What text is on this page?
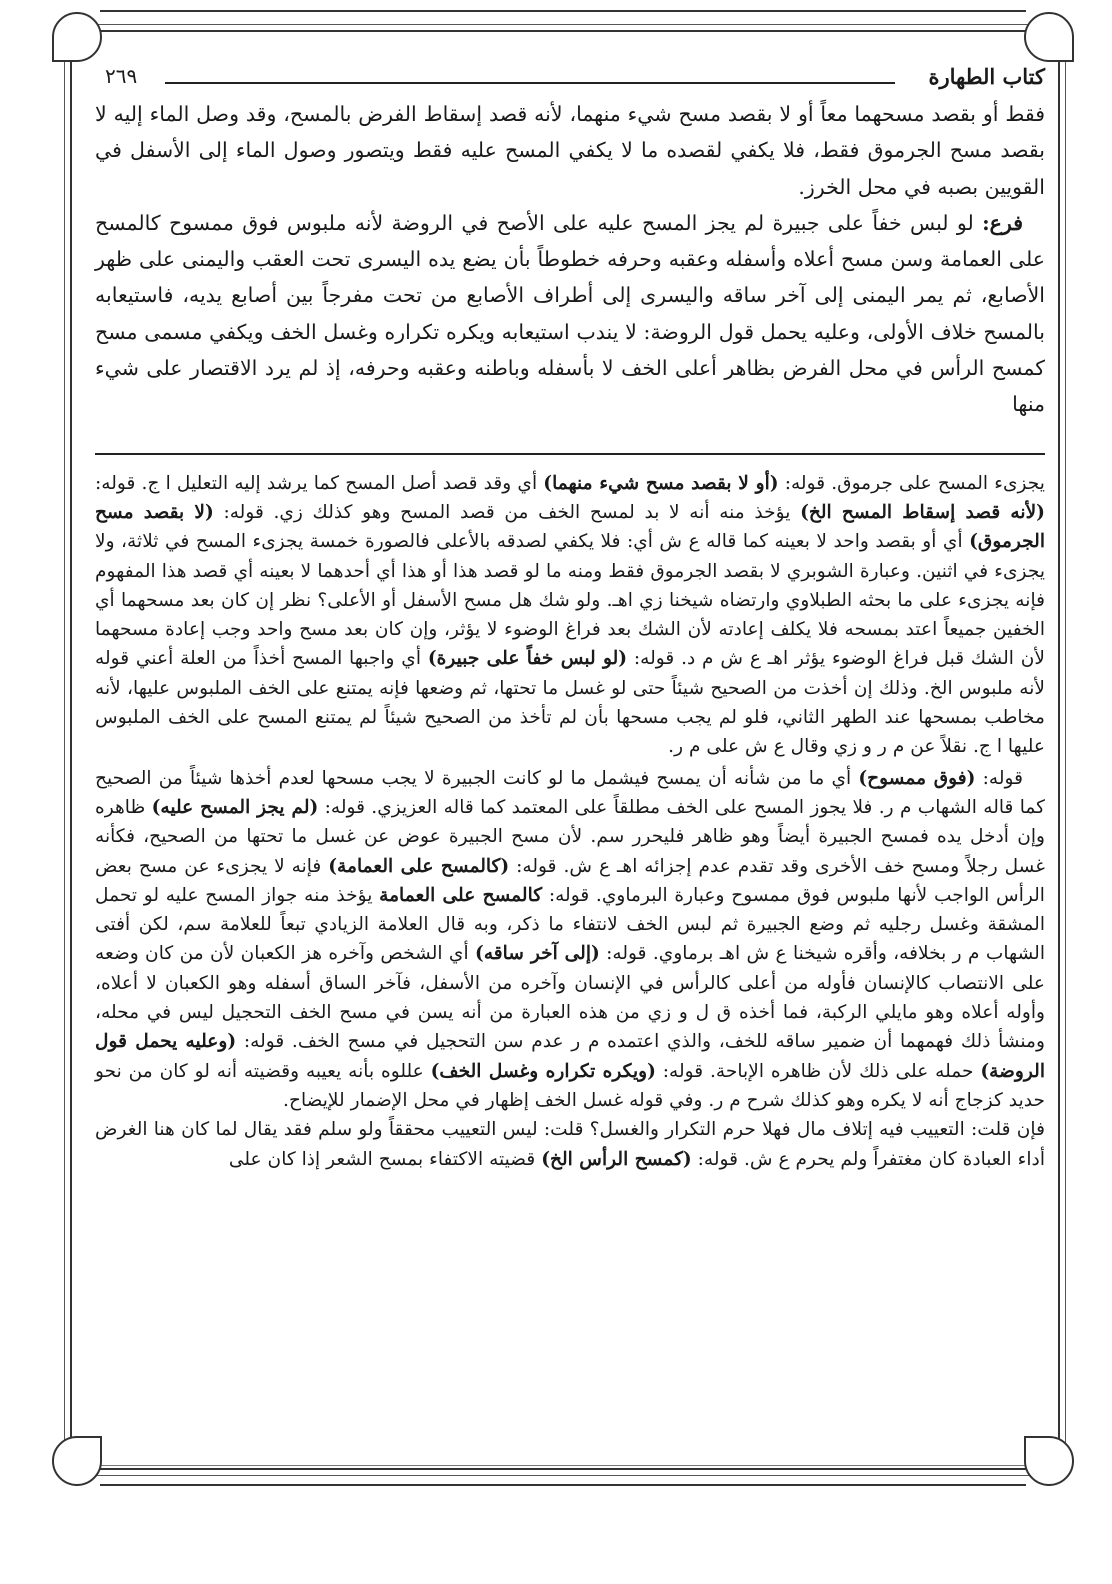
كتاب الطهارة
٢٦٩

فقط أو بقصد مسحهما معاً أو لا بقصد مسح شيء منهما، لأنه قصد إسقاط الفرض بالمسح، وقد وصل الماء إليه لا بقصد مسح الجرموق فقط، فلا يكفي لقصده ما لا يكفي المسح عليه فقط ويتصور وصول الماء إلى الأسفل في القويين بصبه في محل الخرز.

فرع: لو لبس خفاً على جبيرة لم يجز المسح عليه على الأصح في الروضة لأنه ملبوس فوق ممسوح كالمسح على العمامة وسن مسح أعلاه وأسفله وعقبه وحرفه خطوطاً بأن يضع يده اليسرى تحت العقب واليمنى على ظهر الأصابع، ثم يمر اليمنى إلى آخر ساقه واليسرى إلى أطراف الأصابع من تحت مفرجاً بين أصابع يديه، فاستيعابه بالمسح خلاف الأولى، وعليه يحمل قول الروضة: لا يندب استيعابه ويكره تكراره وغسل الخف ويكفي مسمى مسح كمسح الرأس في محل الفرض بظاهر أعلى الخف لا بأسفله وباطنه وعقبه وحرفه، إذ لم يرد الاقتصار على شيء منها

يجزىء المسح على جرموق. قوله: (أو لا بقصد مسح شيء منهما) أي وقد قصد أصل المسح كما يرشد إليه التعليل ا ج. قوله: (لأنه قصد إسقاط المسح الخ) يؤخذ منه أنه لا بد لمسح الخف من قصد المسح وهو كذلك زي. قوله: (لا بقصد مسح الجرموق) أي أو بقصد واحد لا بعينه كما قاله ع ش أي: فلا يكفي لصدقه بالأعلى فالصورة خمسة يجزىء المسح في ثلاثة، ولا يجزىء في اثنين. وعبارة الشوبري لا بقصد الجرموق فقط ومنه ما لو قصد هذا أو هذا أي أحدهما لا بعينه أي قصد هذا المفهوم فإنه يجزىء على ما بحثه الطبلاوي وارتضاه شيخنا زي اهـ. ولو شك هل مسح الأسفل أو الأعلى؟ نظر إن كان بعد مسحهما أي الخفين جميعاً اعتد بمسحه فلا يكلف إعادته لأن الشك بعد فراغ الوضوء لا يؤثر، وإن كان بعد مسح واحد وجب إعادة مسحهما لأن الشك قبل فراغ الوضوء يؤثر اهـ ع ش م د. قوله: (لو لبس خفاً على جبيرة) أي واجبها المسح أخذاً من العلة أعني قوله لأنه ملبوس الخ. وذلك إن أخذت من الصحيح شيئاً حتى لو غسل ما تحتها، ثم وضعها فإنه يمتنع على الخف الملبوس عليها، لأنه مخاطب بمسحها عند الطهر الثاني، فلو لم يجب مسحها بأن لم تأخذ من الصحيح شيئاً لم يمتنع المسح على الخف الملبوس عليها ا ج. نقلاً عن م ر و زي وقال ع ش على م ر.

قوله: (فوق ممسوح) أي ما من شأنه أن يمسح فيشمل ما لو كانت الجبيرة لا يجب مسحها لعدم أخذها شيئاً من الصحيح كما قاله الشهاب م ر. فلا يجوز المسح على الخف مطلقاً على المعتمد كما قاله العزيزي. قوله: (لم يجز المسح عليه) ظاهره وإن أدخل يده فمسح الجبيرة أيضاً وهو ظاهر فليحرر سم. لأن مسح الجبيرة عوض عن غسل ما تحتها من الصحيح، فكأنه غسل رجلاً ومسح خف الأخرى وقد تقدم عدم إجزائه اهـ ع ش. قوله: (كالمسح على العمامة) فإنه لا يجزىء عن مسح بعض الرأس الواجب لأنها ملبوس فوق ممسوح وعبارة البرماوي. قوله: كالمسح على العمامة يؤخذ منه جواز المسح عليه لو تحمل المشقة وغسل رجليه ثم وضع الجبيرة ثم لبس الخف لانتفاء ما ذكر، وبه قال العلامة الزيادي تبعاً للعلامة سم، لكن أفتى الشهاب م ر بخلافه، وأقره شيخنا ع ش اهـ برماوي. قوله: (إلى آخر ساقه) أي الشخص وآخره هز الكعبان لأن من كان وضعه على الانتصاب كالإنسان فأوله من أعلى كالرأس في الإنسان وآخره من الأسفل، فآخر الساق أسفله وهو الكعبان لا أعلاه، وأوله أعلاه وهو مايلي الركبة، فما أخذه ق ل و زي من هذه العبارة من أنه يسن في مسح الخف التحجيل ليس في محله، ومنشأ ذلك فهمهما أن ضمير ساقه للخف، والذي اعتمده م ر عدم سن التحجيل في مسح الخف. قوله: (وعليه يحمل قول الروضة) حمله على ذلك لأن ظاهره الإباحة. قوله: (ويكره تكراره وغسل الخف) عللوه بأنه يعيبه وقضيته أنه لو كان من نحو حديد كزجاج أنه لا يكره وهو كذلك شرح م ر. وفي قوله غسل الخف إظهار في محل الإضمار للإيضاح.

فإن قلت: التعييب فيه إتلاف مال فهلا حرم التكرار والغسل؟ قلت: ليس التعييب محققاً ولو سلم فقد يقال لما كان هنا الغرض أداء العبادة كان مغتفراً ولم يحرم ع ش. قوله: (كمسح الرأس الخ) قضيته الاكتفاء بمسح الشعر إذا كان على
